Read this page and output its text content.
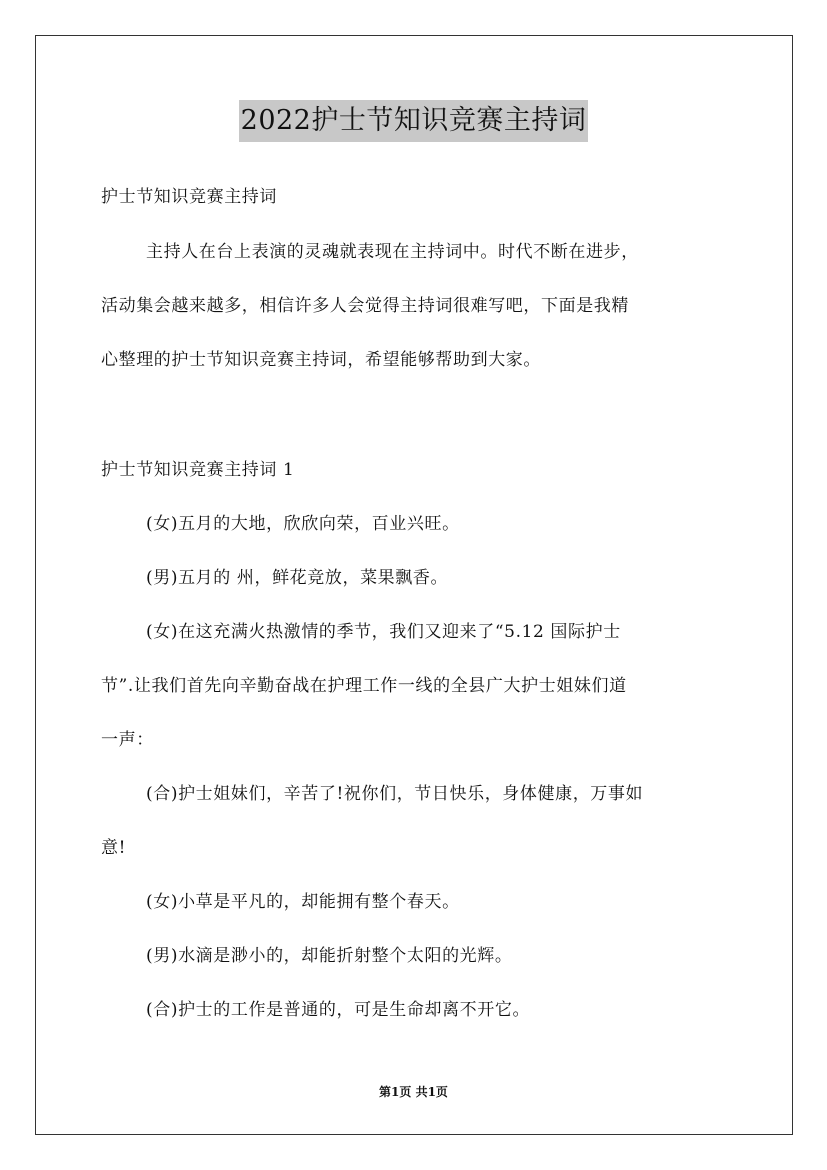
2022护士节知识竞赛主持词
护士节知识竞赛主持词
主持人在台上表演的灵魂就表现在主持词中。时代不断在进步，
活动集会越来越多，相信许多人会觉得主持词很难写吧，下面是我精
心整理的护士节知识竞赛主持词，希望能够帮助到大家。
护士节知识竞赛主持词 1
(女)五月的大地，欣欣向荣，百业兴旺。
(男)五月的 州，鲜花竞放，菜果飘香。
(女)在这充满火热激情的季节，我们又迎来了“5.12 国际护士
节”.让我们首先向辛勤奋战在护理工作一线的全县广大护士姐妹们道
一声：
(合)护士姐妹们，辛苦了!祝你们，节日快乐，身体健康，万事如
意!
(女)小草是平凡的，却能拥有整个春天。
(男)水滴是渺小的，却能折射整个太阳的光辉。
(合)护士的工作是普通的，可是生命却离不开它。
第1页 共1页
